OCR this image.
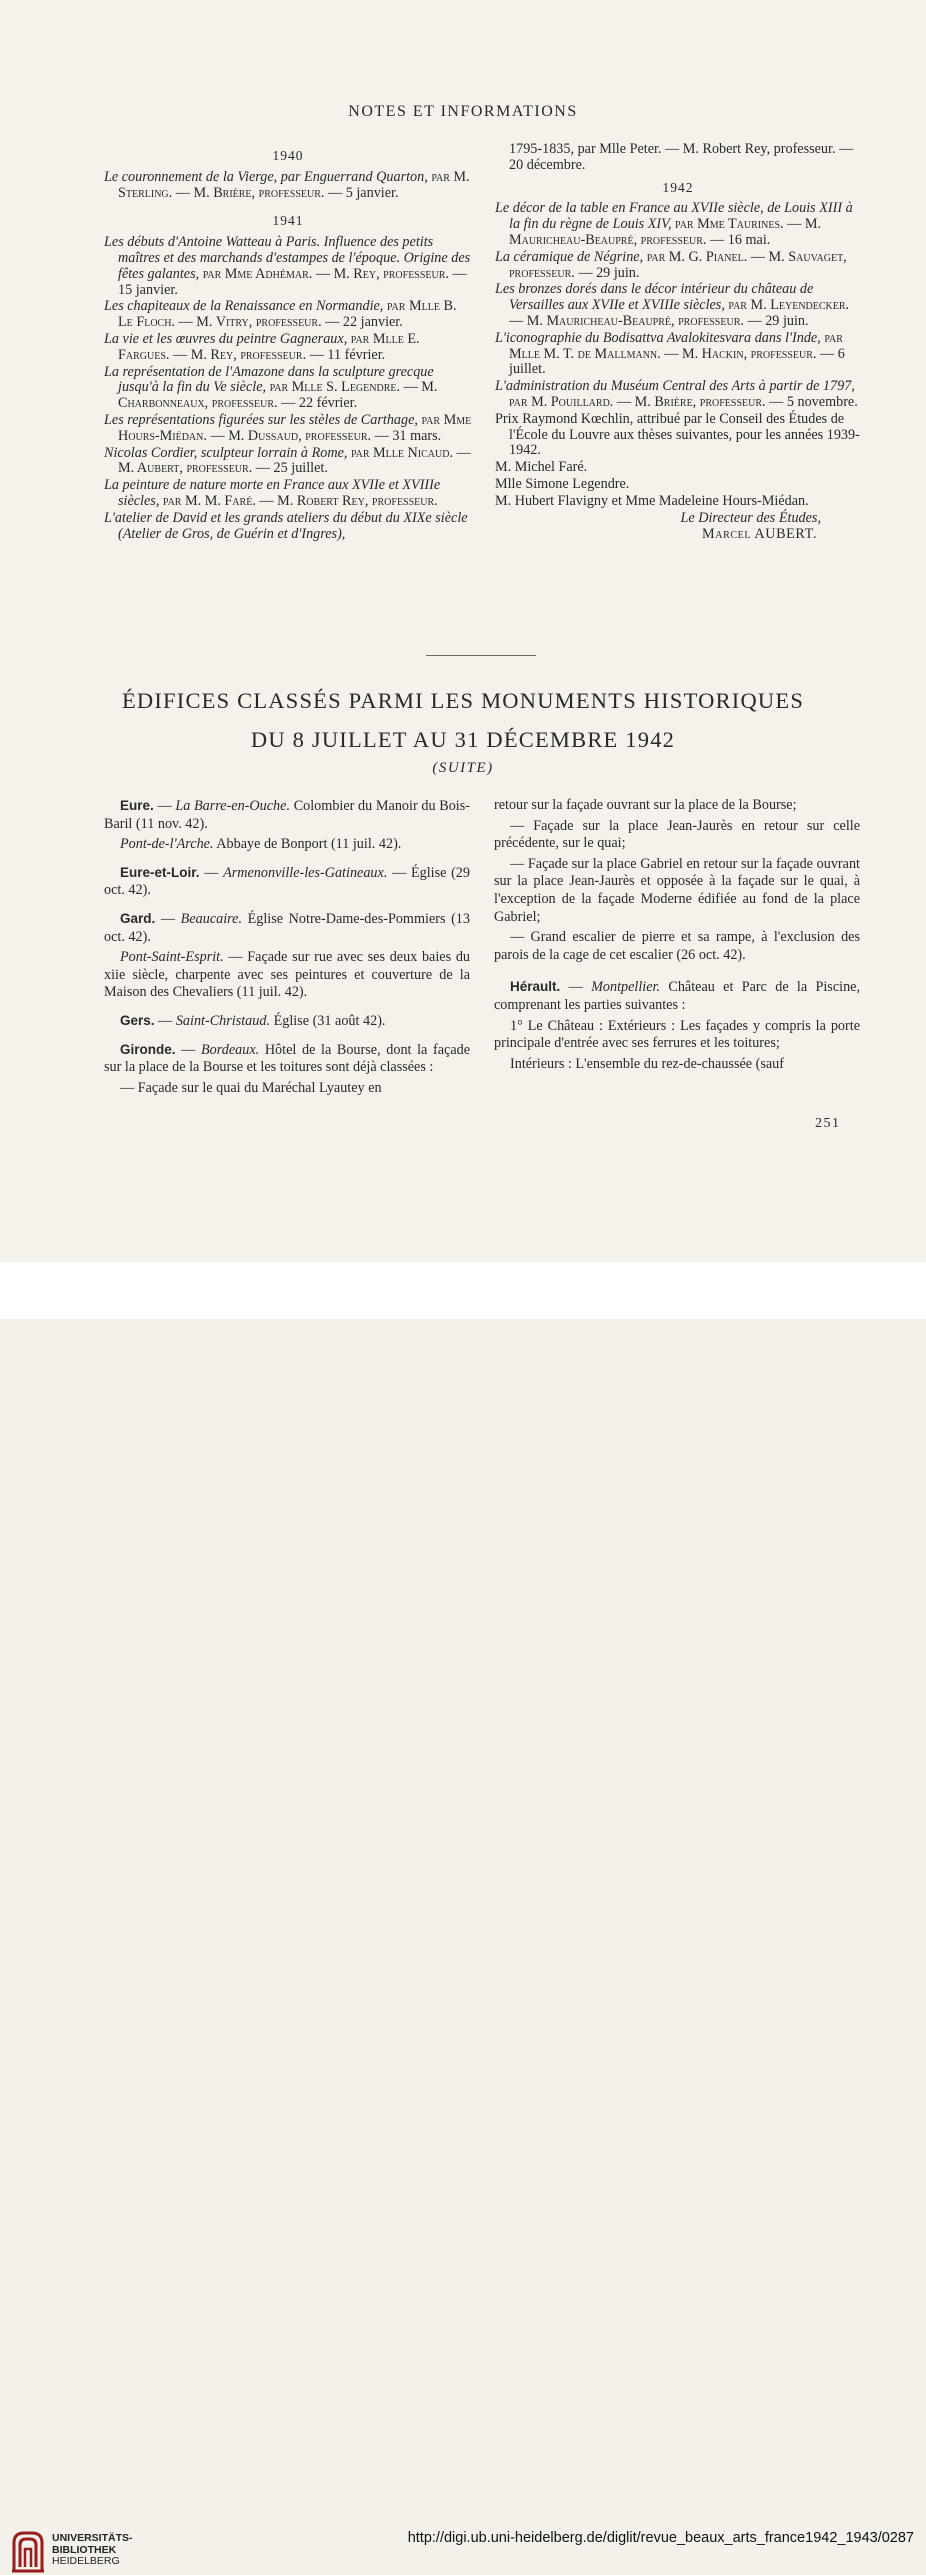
NOTES ET INFORMATIONS

1940

Le couronnement de la Vierge, par Enguerrand Quarton, par M. Sterling. — M. Brière, professeur. — 5 janvier.

1941

Les débuts d'Antoine Watteau à Paris. Influence des petits maîtres et des marchands d'estampes de l'époque. Origine des fêtes galantes, par Mme Adhémar. — M. Rey, professeur. — 15 janvier.

Les chapiteaux de la Renaissance en Normandie, par Mlle B. Le Floch. — M. Vitry, professeur. — 22 janvier.

La vie et les œuvres du peintre Gagneraux, par Mlle E. Fargues. — M. Rey, professeur. — 11 février.

La représentation de l'Amazone dans la sculpture grecque jusqu'à la fin du Ve siècle, par Mlle S. Legendre. — M. Charbonneaux, professeur. — 22 février.

Les représentations figurées sur les stèles de Carthage, par Mme Hours-Miédan. — M. Dussaud, professeur. — 31 mars.

Nicolas Cordier, sculpteur lorrain à Rome, par Mlle Nicaud. — M. Aubert, professeur. — 25 juillet.

La peinture de nature morte en France aux XVIIe et XVIIIe siècles, par M. M. Faré. — M. Robert Rey, professeur.

L'atelier de David et les grands ateliers du début du XIXe siècle (Atelier de Gros, de Guérin et d'Ingres),

1795-1835, par Mlle Peter. — M. Robert Rey, professeur. — 20 décembre.

1942

Le décor de la table en France au XVIIe siècle, de Louis XIII à la fin du règne de Louis XIV, par Mme Taurines. — M. Mauricheau-Beaupré, professeur. — 16 mai.

La céramique de Négrine, par M. G. Pianel. — M. Sauvaget, professeur. — 29 juin.

Les bronzes dorés dans le décor intérieur du château de Versailles aux XVIIe et XVIIIe siècles, par M. Leyendecker. — M. Mauricheau-Beaupré, professeur. — 29 juin.

L'iconographie du Bodisattva Avalokitesvara dans l'Inde, par Mlle M. T. de Mallmann. — M. Hackin, professeur. — 6 juillet.

L'administration du Muséum Central des Arts à partir de 1797, par M. Pouillard. — M. Brière, professeur. — 5 novembre.

Prix Raymond Kœchlin, attribué par le Conseil des Études de l'École du Louvre aux thèses suivantes, pour les années 1939-1942.

M. Michel Faré.

Mlle Simone Legendre.

M. Hubert Flavigny et Mme Madeleine Hours-Miédan.

Le Directeur des Études,

Marcel AUBERT.

ÉDIFICES CLASSÉS PARMI LES MONUMENTS HISTORIQUES
DU 8 JUILLET AU 31 DÉCEMBRE 1942
(SUITE)

Eure. — La Barre-en-Ouche. Colombier du Manoir du Bois-Baril (11 nov. 42).

Pont-de-l'Arche. Abbaye de Bonport (11 juil. 42).

Eure-et-Loir. — Armenonville-les-Gatineaux. — Église (29 oct. 42).

Gard. — Beaucaire. Église Notre-Dame-des-Pommiers (13 oct. 42).

Pont-Saint-Esprit. — Façade sur rue avec ses deux baies du xiie siècle, charpente avec ses peintures et couverture de la Maison des Chevaliers (11 juil. 42).

Gers. — Saint-Christaud. Église (31 août 42).

Gironde. — Bordeaux. Hôtel de la Bourse, dont la façade sur la place de la Bourse et les toitures sont déjà classées :

— Façade sur le quai du Maréchal Lyautey en

retour sur la façade ouvrant sur la place de la Bourse;

— Façade sur la place Jean-Jaurès en retour sur celle précédente, sur le quai;

— Façade sur la place Gabriel en retour sur la façade ouvrant sur la place Jean-Jaurès et opposée à la façade sur le quai, à l'exception de la façade Moderne édifiée au fond de la place Gabriel;

— Grand escalier de pierre et sa rampe, à l'exclusion des parois de la cage de cet escalier (26 oct. 42).

Hérault. — Montpellier. Château et Parc de la Piscine, comprenant les parties suivantes :

1° Le Château : Extérieurs : Les façades y compris la porte principale d'entrée avec ses ferrures et les toitures;

Intérieurs : L'ensemble du rez-de-chaussée (sauf

251
UNIVERSITÄTS-
BIBLIOTHEK
HEIDELBERG
http://digi.ub.uni-heidelberg.de/diglit/revue_beaux_arts_france1942_1943/0287
